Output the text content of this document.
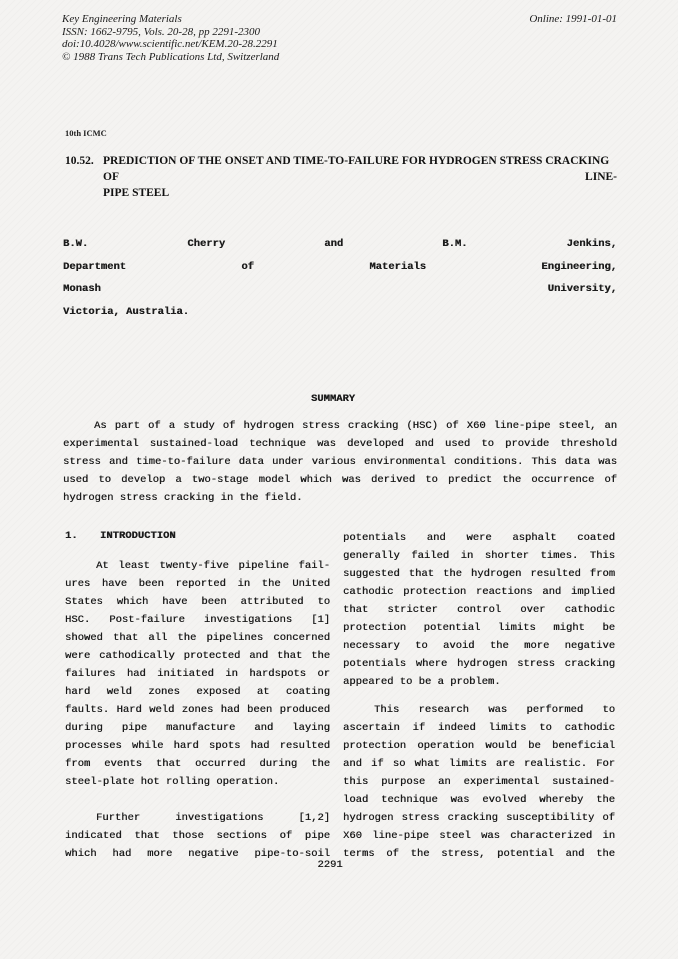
Key Engineering Materials
ISSN: 1662-9795, Vols. 20-28, pp 2291-2300
doi:10.4028/www.scientific.net/KEM.20-28.2291
© 1988 Trans Tech Publications Ltd, Switzerland
Online: 1991-01-01
10th ICMC
10.52. PREDICTION OF THE ONSET AND TIME-TO-FAILURE FOR HYDROGEN STRESS CRACKING OF LINE-
PIPE STEEL
B.W. Cherry and B.M. Jenkins,
Department of Materials Engineering,
Monash University,
Victoria, Australia.
SUMMARY
As part of a study of hydrogen stress cracking (HSC) of X60 line-pipe steel, an
experimental sustained-load technique was developed and used to provide threshold
stress and time-to-failure data under various environmental conditions. This data was
used to develop a two-stage model which was derived to predict the occurrence of
hydrogen stress cracking in the field.
1.	INTRODUCTION
At least twenty-five pipeline fail-
ures have been reported in the United
States which have been attributed to
HSC. Post-failure investigations [1]
showed that all the pipelines concerned
were cathodically protected and that the
failures had initiated in hardspots or
hard weld zones exposed at coating
faults. Hard weld zones had been produced
during pipe manufacture and laying
processes while hard spots had resulted
from events that occurred during the
steel-plate hot rolling operation.
Further investigations [1,2]
indicated that those sections of pipe
which had more negative pipe-to-soil
potentials and were asphalt coated
generally failed in shorter times. This
suggested that the hydrogen resulted from
cathodic protection reactions and implied
that stricter control over cathodic
protection potential limits might be
necessary to avoid the more negative
potentials where hydrogen stress cracking
appeared to be a problem.
This research was performed to
ascertain if indeed limits to cathodic
protection operation would be beneficial
and if so what limits are realistic. For
this purpose an experimental sustained-
load technique was evolved whereby the
hydrogen stress cracking susceptibility of
X60 line-pipe steel was characterized in
terms of the stress, potential and the
2291
